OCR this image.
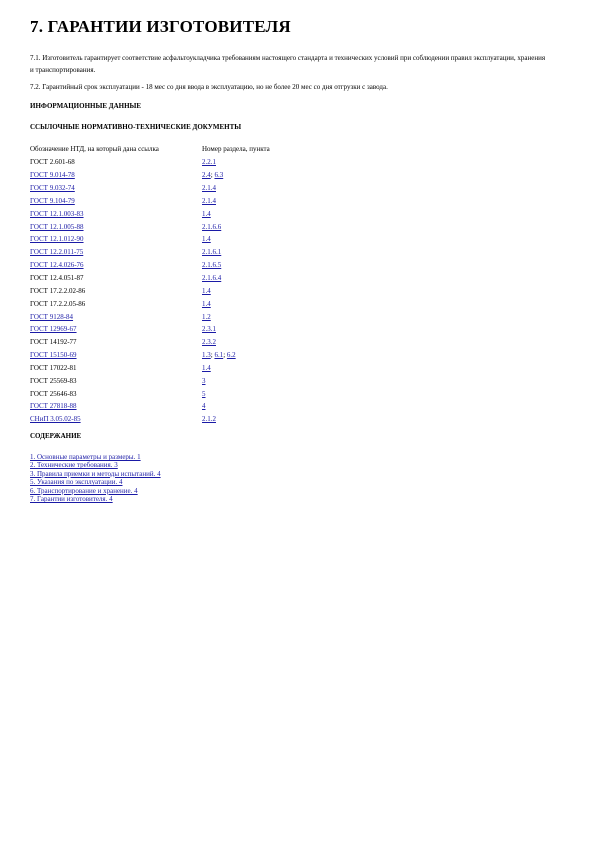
7. ГАРАНТИИ ИЗГОТОВИТЕЛЯ

7.1. Изготовитель гарантирует соответствие асфальтоукладчика требованиям настоящего стандарта и технических условий при соблюдении правил эксплуатации, хранения и транспортирования.

7.2. Гарантийный срок эксплуатации - 18 мес со дня ввода в эксплуатацию, но не более 20 мес со дня отгрузки с завода.

ИНФОРМАЦИОННЫЕ ДАННЫЕ

ССЫЛОЧНЫЕ НОРМАТИВНО-ТЕХНИЧЕСКИЕ ДОКУМЕНТЫ

Обозначение НТД, на который дана ссылка	Номер раздела, пункта
ГОСТ 2.601-68	2.2.1
ГОСТ 9.014-78	2.4; 6.3
ГОСТ 9.032-74	2.1.4
ГОСТ 9.104-79	2.1.4
ГОСТ 12.1.003-83	1.4
ГОСТ 12.1.005-88	2.1.6.6
ГОСТ 12.1.012-90	1.4
ГОСТ 12.2.011-75	2.1.6.1
ГОСТ 12.4.026-76	2.1.6.5
ГОСТ 12.4.051-87	2.1.6.4
ГОСТ 17.2.2.02-86	1.4
ГОСТ 17.2.2.05-86	1.4
ГОСТ 9128-84	1.2
ГОСТ 12969-67	2.3.1
ГОСТ 14192-77	2.3.2
ГОСТ 15150-69	1.3; 6.1; 6.2
ГОСТ 17022-81	1.4
ГОСТ 25569-83	3
ГОСТ 25646-83	5
ГОСТ 27818-88	4
СНиП 3.05.02-85	2.1.2

СОДЕРЖАНИЕ

1. Основные параметры и размеры. 1
2. Технические требования. 3
3. Правила приемки и методы испытаний. 4
5. Указания по эксплуатации. 4
6. Транспортирование и хранение. 4
7. Гарантии изготовителя. 4
